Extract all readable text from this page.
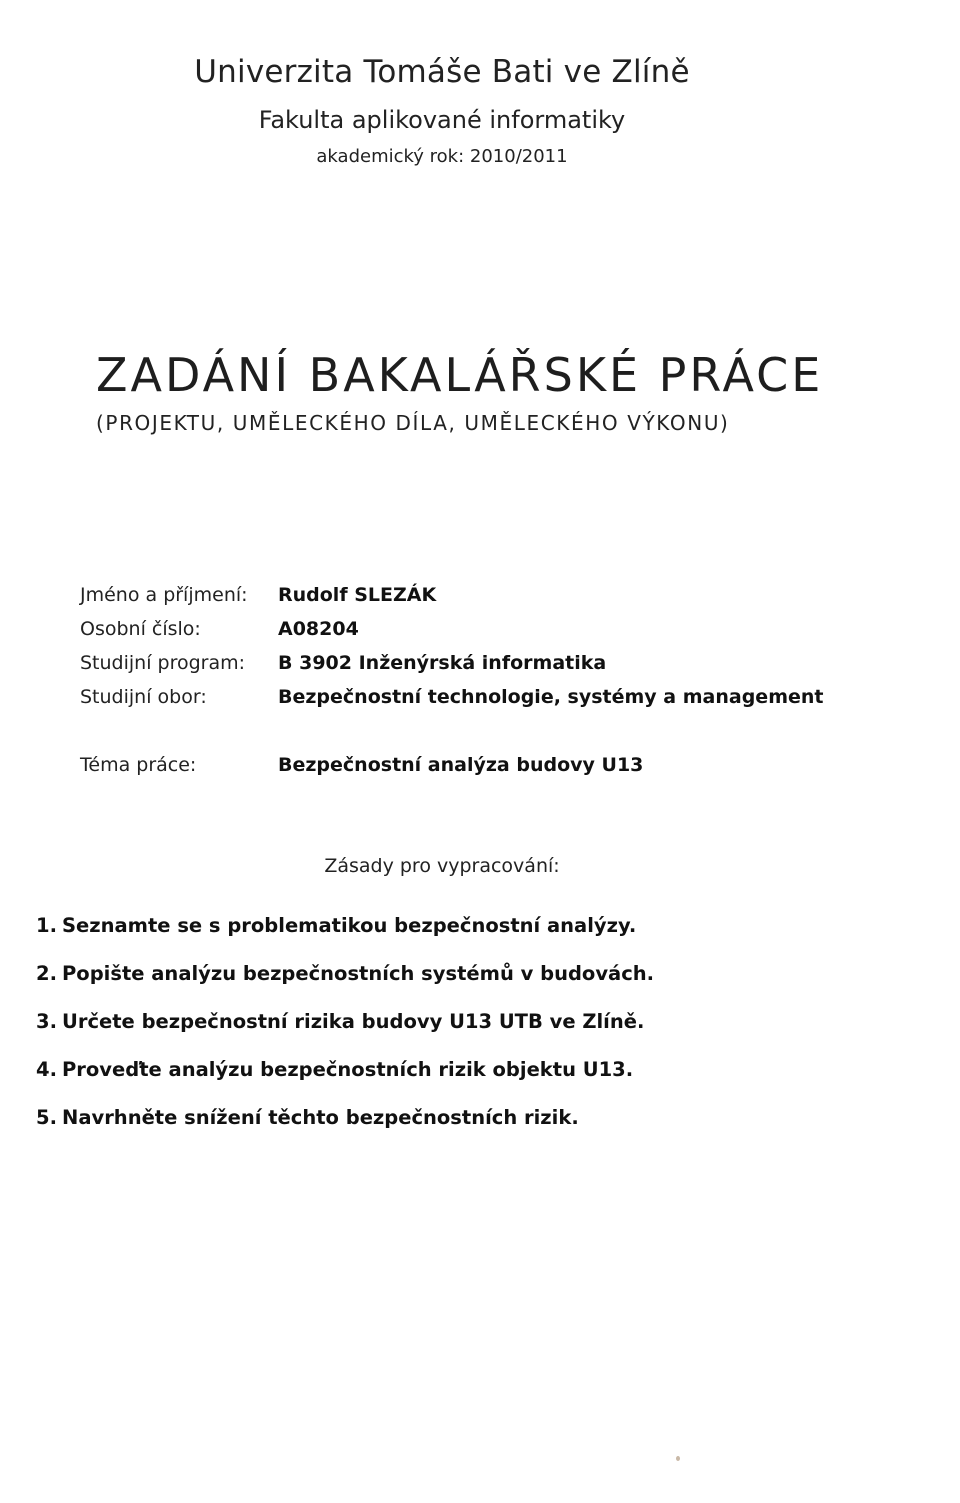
Univerzita Tomáše Bati ve Zlíně
Fakulta aplikované informatiky
akademický rok: 2010/2011
ZADÁNÍ BAKALÁŘSKÉ PRÁCE
(PROJEKTU, UMĚLECKÉHO DÍLA, UMĚLECKÉHO VÝKONU)
Jméno a příjmení: Rudolf SLEZÁK
Osobní číslo:	A08204
Studijní program: B 3902 Inženýrská informatika
Studijní obor:	Bezpečnostní technologie, systémy a management
Téma práce:	Bezpečnostní analýza budovy U13
Zásady pro vypracování:
1. Seznamte se s problematikou bezpečnostní analýzy.
2. Popište analýzu bezpečnostních systémů v budovách.
3. Určete bezpečnostní rizika budovy U13 UTB ve Zlíně.
4. Proveďte analýzu bezpečnostních rizik objektu U13.
5. Navrhněte snížení těchto bezpečnostních rizik.
